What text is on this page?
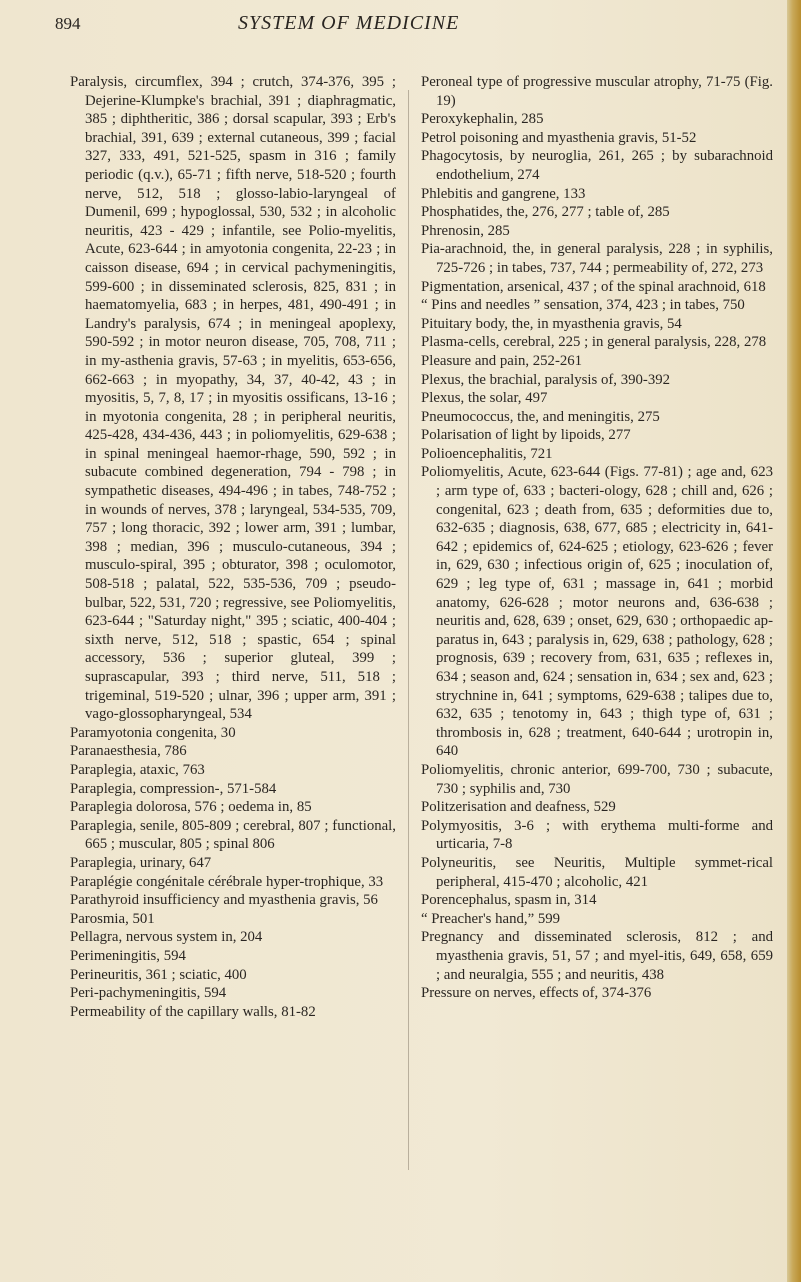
894	SYSTEM OF MEDICINE

Paralysis, circumflex, 394 ; crutch, 374-376, 395 ; Dejerine-Klumpke's brachial, 391 ; diaphragmatic, 385 ; diphtheritic, 386 ; dorsal scapular, 393 ; Erb's brachial, 391, 639 ; external cutaneous, 399 ; facial 327, 333, 491, 521-525, spasm in 316 ; family periodic (q.v.), 65-71 ; fifth nerve, 518-520 ; fourth nerve, 512, 518 ; glosso-labio-laryngeal of Dumenil, 699 ; hypoglossal, 530, 532 ; in alcoholic neuritis, 423 - 429 ; infantile, see Polio-myelitis, Acute, 623-644 ; in amyotonia congenita, 22-23 ; in caisson disease, 694 ; in cervical pachymeningitis, 599-600 ; in disseminated sclerosis, 825, 831 ; in haematomyelia, 683 ; in herpes, 481, 490-491 ; in Landry's paralysis, 674 ; in meningeal apoplexy, 590-592 ; in motor neuron disease, 705, 708, 711 ; in my-asthenia gravis, 57-63 ; in myelitis, 653-656, 662-663 ; in myopathy, 34, 37, 40-42, 43 ; in myositis, 5, 7, 8, 17 ; in myositis ossificans, 13-16 ; in myotonia congenita, 28 ; in peripheral neuritis, 425-428, 434-436, 443 ; in poliomyelitis, 629-638 ; in spinal meningeal haemor-rhage, 590, 592 ; in subacute combined degeneration, 794 - 798 ; in sympathetic diseases, 494-496 ; in tabes, 748-752 ; in wounds of nerves, 378 ; laryngeal, 534-535, 709, 757 ; long thoracic, 392 ; lower arm, 391 ; lumbar, 398 ; median, 396 ; musculo-cutaneous, 394 ; musculo-spiral, 395 ; obturator, 398 ; oculomotor, 508-518 ; palatal, 522, 535-536, 709 ; pseudo-bulbar, 522, 531, 720 ; regressive, see Poliomyelitis, 623-644 ; "Saturday night," 395 ; sciatic, 400-404 ; sixth nerve, 512, 518 ; spastic, 654 ; spinal accessory, 536 ; superior gluteal, 399 ; suprascapular, 393 ; third nerve, 511, 518 ; trigeminal, 519-520 ; ulnar, 396 ; upper arm, 391 ; vago-glossopharyngeal, 534

Paramyotonia congenita, 30

Paranaesthesia, 786

Paraplegia, ataxic, 763

Paraplegia, compression-, 571-584

Paraplegia dolorosa, 576 ; oedema in, 85

Paraplegia, senile, 805-809 ; cerebral, 807 ; functional, 665 ; muscular, 805 ; spinal 806

Paraplegia, urinary, 647

Paraplégie congénitale cérébrale hyper-trophique, 33

Parathyroid insufficiency and myasthenia gravis, 56

Parosmia, 501

Pellagra, nervous system in, 204

Perimeningitis, 594

Perineuritis, 361 ; sciatic, 400

Peri-pachymeningitis, 594

Permeability of the capillary walls, 81-82

Peroneal type of progressive muscular atrophy, 71-75 (Fig. 19)

Peroxykephalin, 285

Petrol poisoning and myasthenia gravis, 51-52

Phagocytosis, by neuroglia, 261, 265 ; by subarachnoid endothelium, 274

Phlebitis and gangrene, 133

Phosphatides, the, 276, 277 ; table of, 285

Phrenosin, 285

Pia-arachnoid, the, in general paralysis, 228 ; in syphilis, 725-726 ; in tabes, 737, 744 ; permeability of, 272, 273

Pigmentation, arsenical, 437 ; of the spinal arachnoid, 618

“ Pins and needles ” sensation, 374, 423 ; in tabes, 750

Pituitary body, the, in myasthenia gravis, 54

Plasma-cells, cerebral, 225 ; in general paralysis, 228, 278

Pleasure and pain, 252-261

Plexus, the brachial, paralysis of, 390-392

Plexus, the solar, 497

Pneumococcus, the, and meningitis, 275

Polarisation of light by lipoids, 277

Polioencephalitis, 721

Poliomyelitis, Acute, 623-644 (Figs. 77-81) ; age and, 623 ; arm type of, 633 ; bacteri-ology, 628 ; chill and, 626 ; congenital, 623 ; death from, 635 ; deformities due to, 632-635 ; diagnosis, 638, 677, 685 ; electricity in, 641-642 ; epidemics of, 624-625 ; etiology, 623-626 ; fever in, 629, 630 ; infectious origin of, 625 ; inoculation of, 629 ; leg type of, 631 ; massage in, 641 ; morbid anatomy, 626-628 ; motor neurons and, 636-638 ; neuritis and, 628, 639 ; onset, 629, 630 ; orthopaedic ap-paratus in, 643 ; paralysis in, 629, 638 ; pathology, 628 ; prognosis, 639 ; recovery from, 631, 635 ; reflexes in, 634 ; season and, 624 ; sensation in, 634 ; sex and, 623 ; strychnine in, 641 ; symptoms, 629-638 ; talipes due to, 632, 635 ; tenotomy in, 643 ; thigh type of, 631 ; thrombosis in, 628 ; treatment, 640-644 ; urotropin in, 640

Poliomyelitis, chronic anterior, 699-700, 730 ; subacute, 730 ; syphilis and, 730

Politzerisation and deafness, 529

Polymyositis, 3-6 ; with erythema multi-forme and urticaria, 7-8

Polyneuritis, see Neuritis, Multiple symmet-rical peripheral, 415-470 ; alcoholic, 421

Porencephalus, spasm in, 314

“ Preacher's hand,” 599

Pregnancy and disseminated sclerosis, 812 ; and myasthenia gravis, 51, 57 ; and myel-itis, 649, 658, 659 ; and neuralgia, 555 ; and neuritis, 438

Pressure on nerves, effects of, 374-376
